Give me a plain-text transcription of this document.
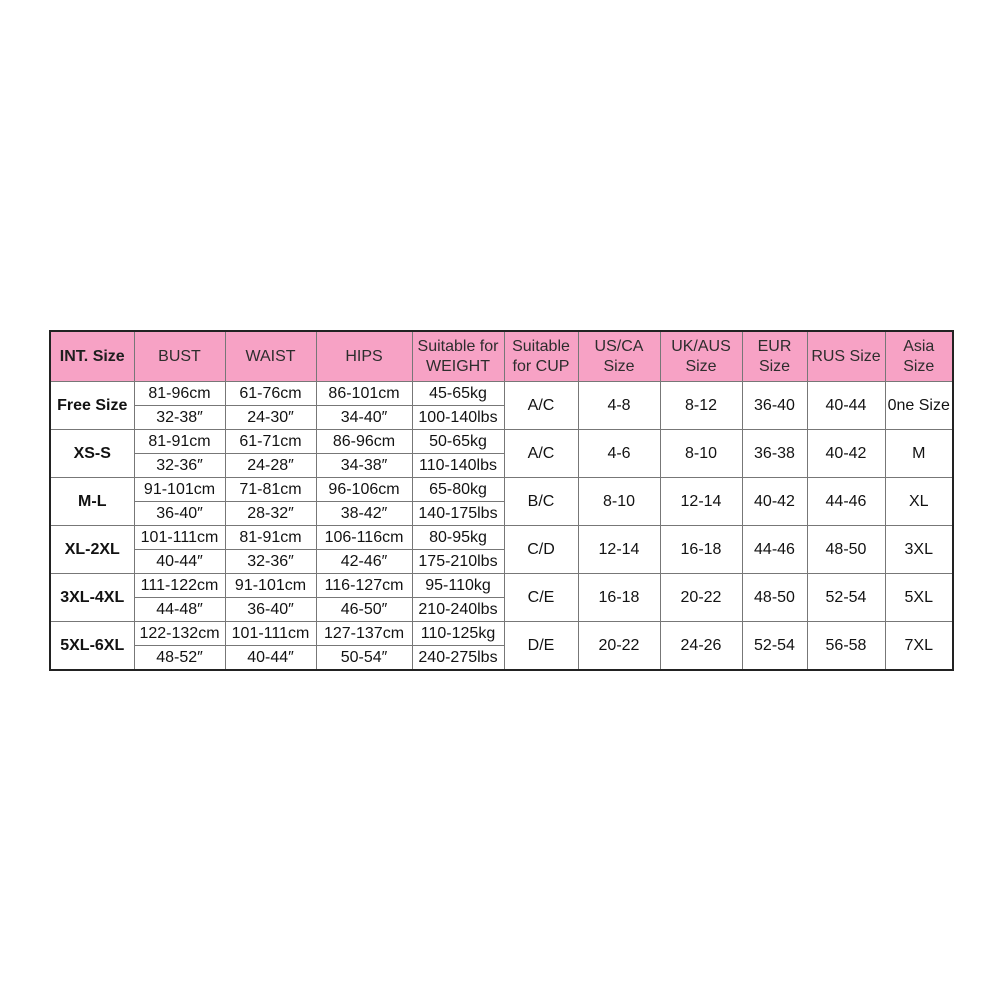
INT. Size	BUST	WAIST	HIPS	Suitable for WEIGHT	Suitable for CUP	US/CA Size	UK/AUS Size	EUR Size	RUS Size	Asia Size
Free Size	81-96cm	61-76cm	86-101cm	45-65kg	A/C	4-8	8-12	36-40	40-44	0ne Size
	32-38″	24-30″	34-40″	100-140lbs						
XS-S	81-91cm	61-71cm	86-96cm	50-65kg	A/C	4-6	8-10	36-38	40-42	M
	32-36″	24-28″	34-38″	110-140lbs						
M-L	91-101cm	71-81cm	96-106cm	65-80kg	B/C	8-10	12-14	40-42	44-46	XL
	36-40″	28-32″	38-42″	140-175lbs						
XL-2XL	101-111cm	81-91cm	106-116cm	80-95kg	C/D	12-14	16-18	44-46	48-50	3XL
	40-44″	32-36″	42-46″	175-210lbs						
3XL-4XL	111-122cm	91-101cm	116-127cm	95-110kg	C/E	16-18	20-22	48-50	52-54	5XL
	44-48″	36-40″	46-50″	210-240lbs						
5XL-6XL	122-132cm	101-111cm	127-137cm	110-125kg	D/E	20-22	24-26	52-54	56-58	7XL
	48-52″	40-44″	50-54″	240-275lbs						
